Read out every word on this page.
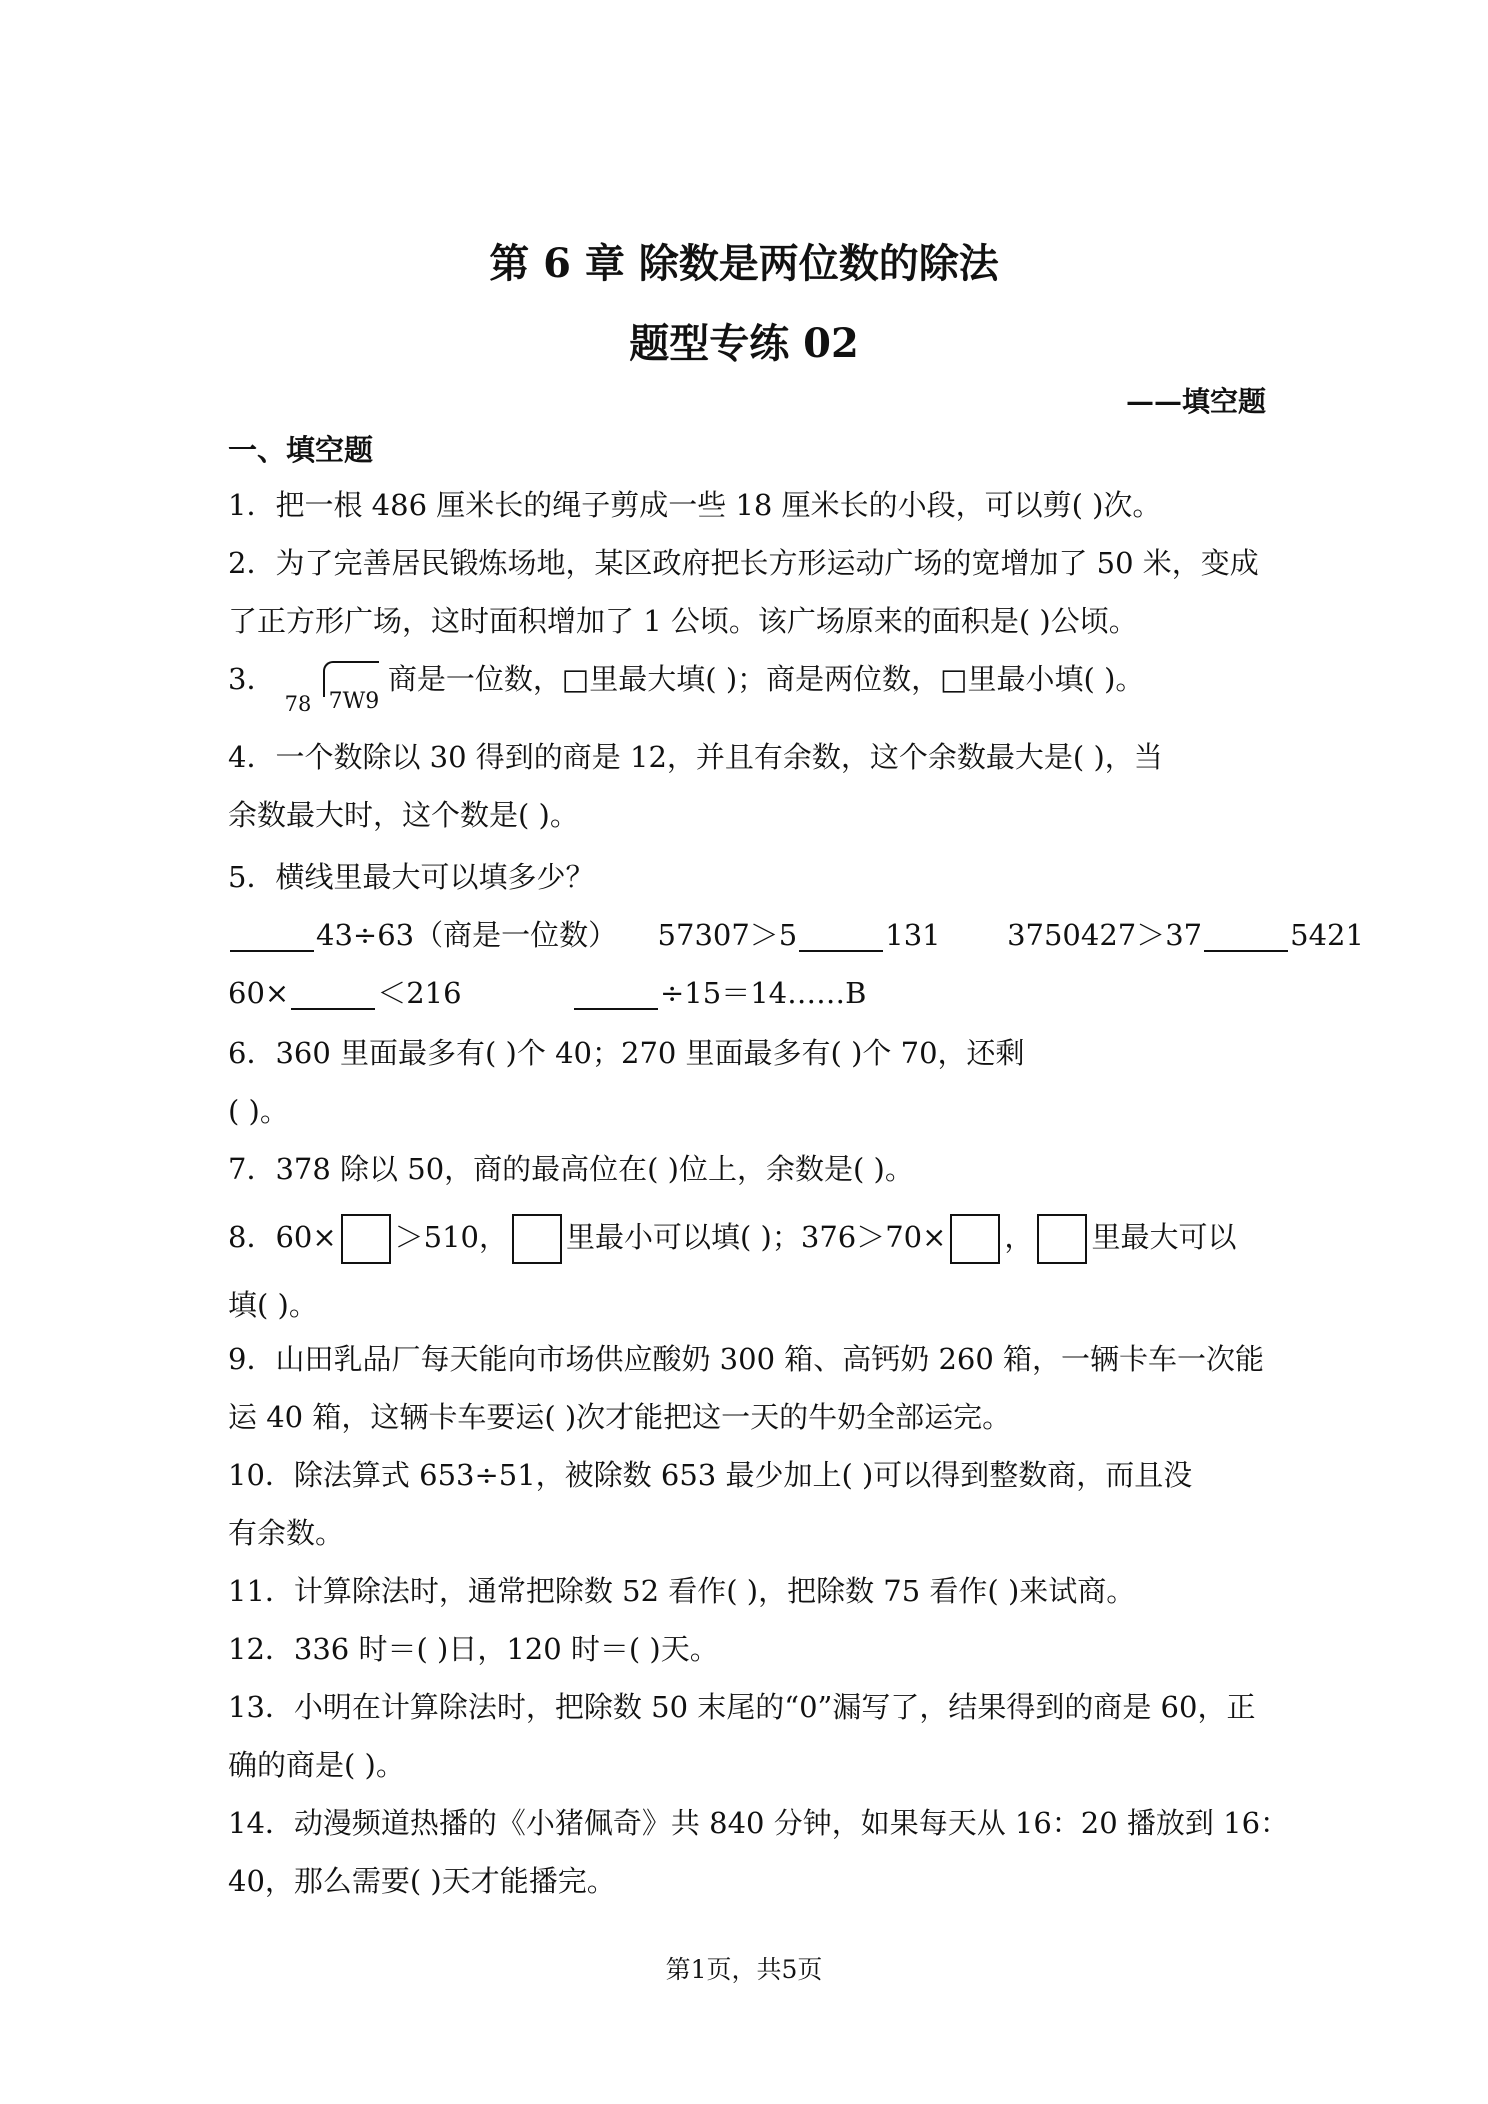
第 6 章 除数是两位数的除法
题型专练 02
——填空题
一、填空题
1．把一根 486 厘米长的绳子剪成一些 18 厘米长的小段，可以剪( )次。
2．为了完善居民锻炼场地，某区政府把长方形运动广场的宽增加了 50 米，变成
了正方形广场，这时面积增加了 1 公顷。该广场原来的面积是( )公顷。
3．
78 7W9
商是一位数，□里最大填( )；商是两位数，□里最小填( )。
4．一个数除以 30 得到的商是 12，并且有余数，这个余数最大是( )，当
余数最大时，这个数是( )。
5．横线里最大可以填多少？
43÷63（商是一位数） 57307＞5	131 3750427＞37	5421
60×	＜216	÷15＝14……B
6．360 里面最多有( )个 40；270 里面最多有( )个 70，还剩
( )。
7．378 除以 50，商的最高位在( )位上，余数是( )。
8．60× ＞510， 里最小可以填( )；376＞70× ， 里最大可以
填( )。
9．山田乳品厂每天能向市场供应酸奶 300 箱、高钙奶 260 箱，一辆卡车一次能
运 40 箱，这辆卡车要运( )次才能把这一天的牛奶全部运完。
10．除法算式 653÷51，被除数 653 最少加上( )可以得到整数商，而且没
有余数。
11．计算除法时，通常把除数 52 看作( )，把除数 75 看作( )来试商。
12．336 时＝( )日，120 时＝( )天。
13．小明在计算除法时，把除数 50 末尾的“0”漏写了，结果得到的商是 60，正
确的商是( )。
14．动漫频道热播的《小猪佩奇》共 840 分钟，如果每天从 16：20 播放到 16：
40，那么需要( )天才能播完。
第1页，共5页
